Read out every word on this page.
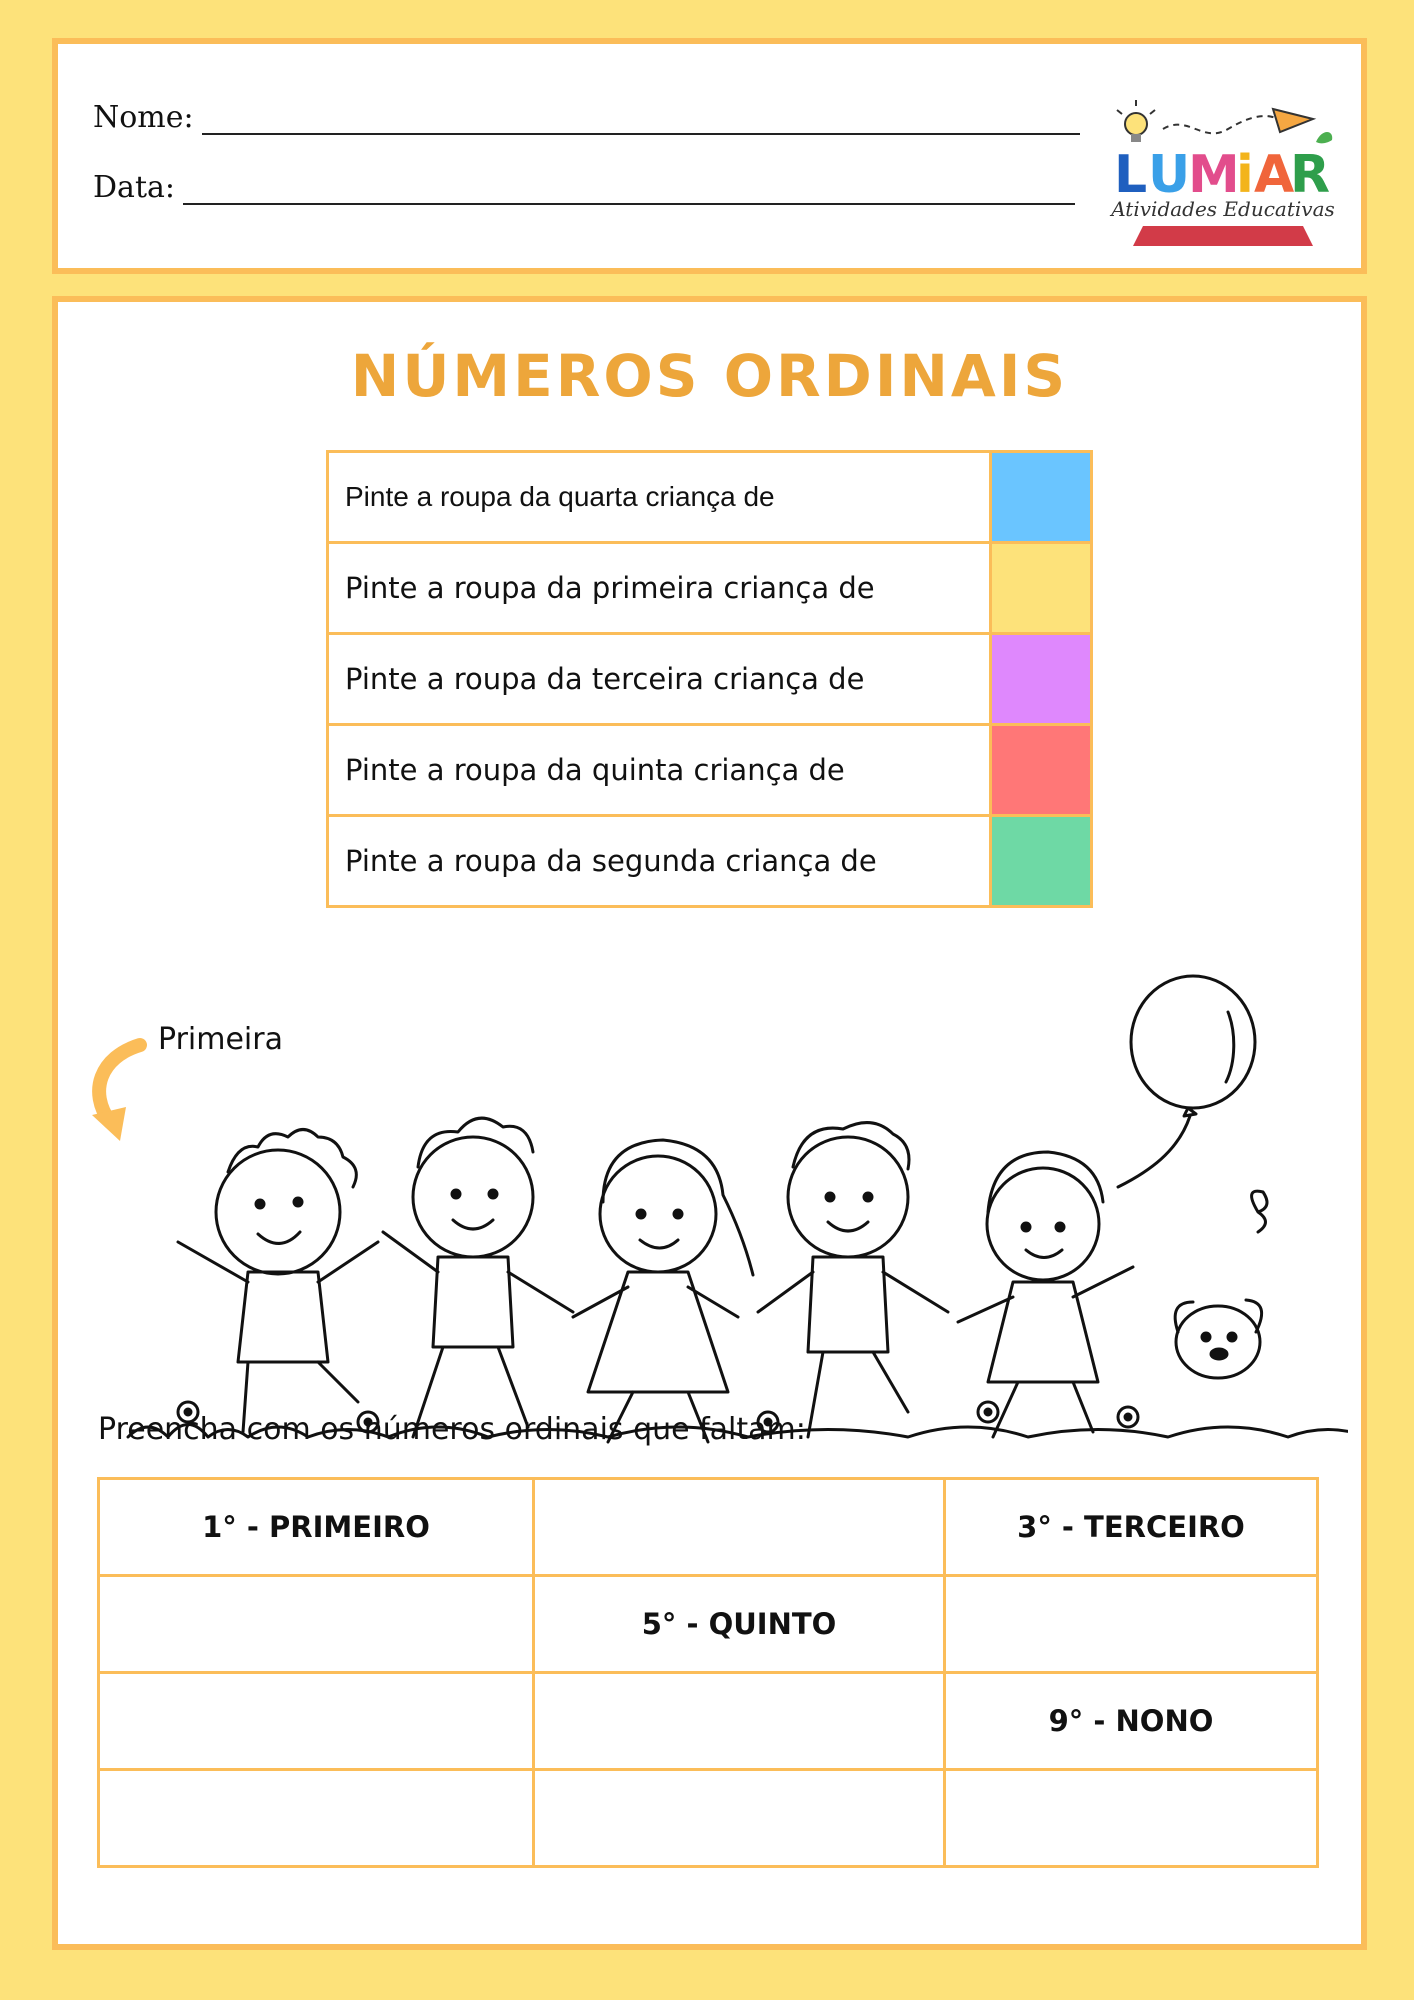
Nome:
Data:	L U
M
i A
R
Atividades Educativas
NÚMEROS ORDINAIS
Pinte a roupa da quarta criança de	
Pinte a roupa da primeira criança de	
Pinte a roupa da terceira criança de	
Pinte a roupa da quinta criança de	
Pinte a roupa da segunda criança de	
Primeira
Preencha com os números ordinais que faltam:
1° - PRIMEIRO		3° - TERCEIRO
	5° - QUINTO	
		9° - NONO
